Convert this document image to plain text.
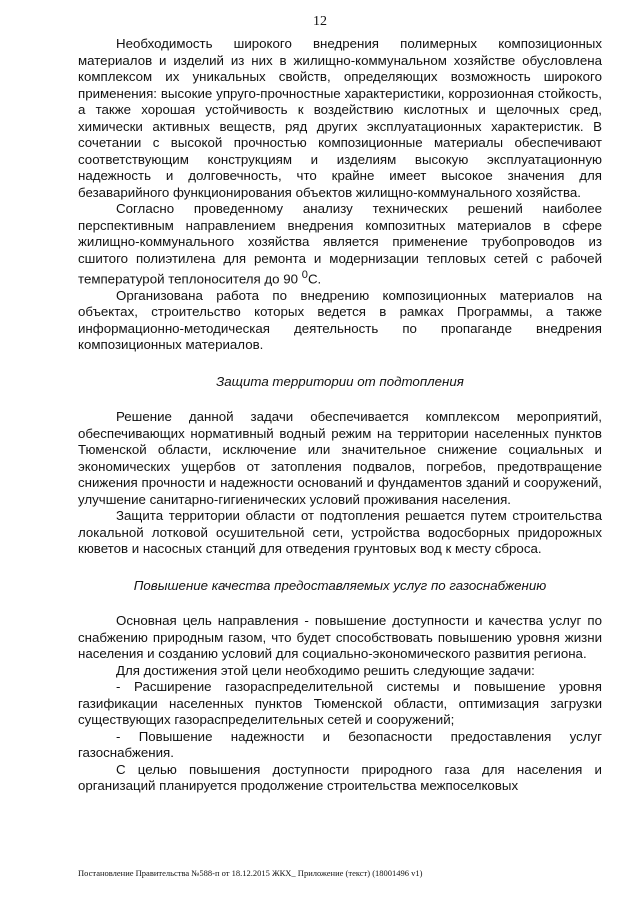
12

Необходимость широкого внедрения полимерных композиционных материалов и изделий из них в жилищно-коммунальном хозяйстве обусловлена комплексом их уникальных свойств, определяющих возможность широкого применения: высокие упруго-прочностные характеристики, коррозионная стойкость, а также хорошая устойчивость к воздействию кислотных и щелочных сред, химически активных веществ, ряд других эксплуатационных характеристик. В сочетании с высокой прочностью композиционные материалы обеспечивают соответствующим конструкциям и изделиям высокую эксплуатационную надежность и долговечность, что крайне имеет высокое значения для безаварийного функционирования объектов жилищно-коммунального хозяйства.

Согласно проведенному анализу технических решений наиболее перспективным направлением внедрения композитных материалов в сфере жилищно-коммунального хозяйства является применение трубопроводов из сшитого полиэтилена для ремонта и модернизации тепловых сетей с рабочей температурой теплоносителя до 90 $^0$С.

Организована работа по внедрению композиционных материалов на объектах, строительство которых ведется в рамках Программы, а также информационно-методическая деятельность по пропаганде внедрения композиционных материалов.

Защита территории от подтопления

Решение данной задачи обеспечивается комплексом мероприятий, обеспечивающих нормативный водный режим на территории населенных пунктов Тюменской области, исключение или значительное снижение социальных и экономических ущербов от затопления подвалов, погребов, предотвращение снижения прочности и надежности оснований и фундаментов зданий и сооружений, улучшение санитарно-гигиенических условий проживания населения.

Защита территории области от подтопления решается путем строительства локальной лотковой осушительной сети, устройства водосборных придорожных кюветов и насосных станций для отведения грунтовых вод к месту сброса.

Повышение качества предоставляемых услуг по газоснабжению

Основная цель направления - повышение доступности и качества услуг по снабжению природным газом, что будет способствовать повышению уровня жизни населения и созданию условий для социально-экономического развития региона.

Для достижения этой цели необходимо решить следующие задачи:

- Расширение газораспределительной системы и повышение уровня газификации населенных пунктов Тюменской области, оптимизация загрузки существующих газораспределительных сетей и сооружений;

- Повышение надежности и безопасности предоставления услуг газоснабжения.

С целью повышения доступности природного газа для населения и организаций планируется продолжение строительства межпоселковых

Постановление Правительства №588-п от 18.12.2015 ЖКХ_ Приложение (текст) (18001496 v1)
